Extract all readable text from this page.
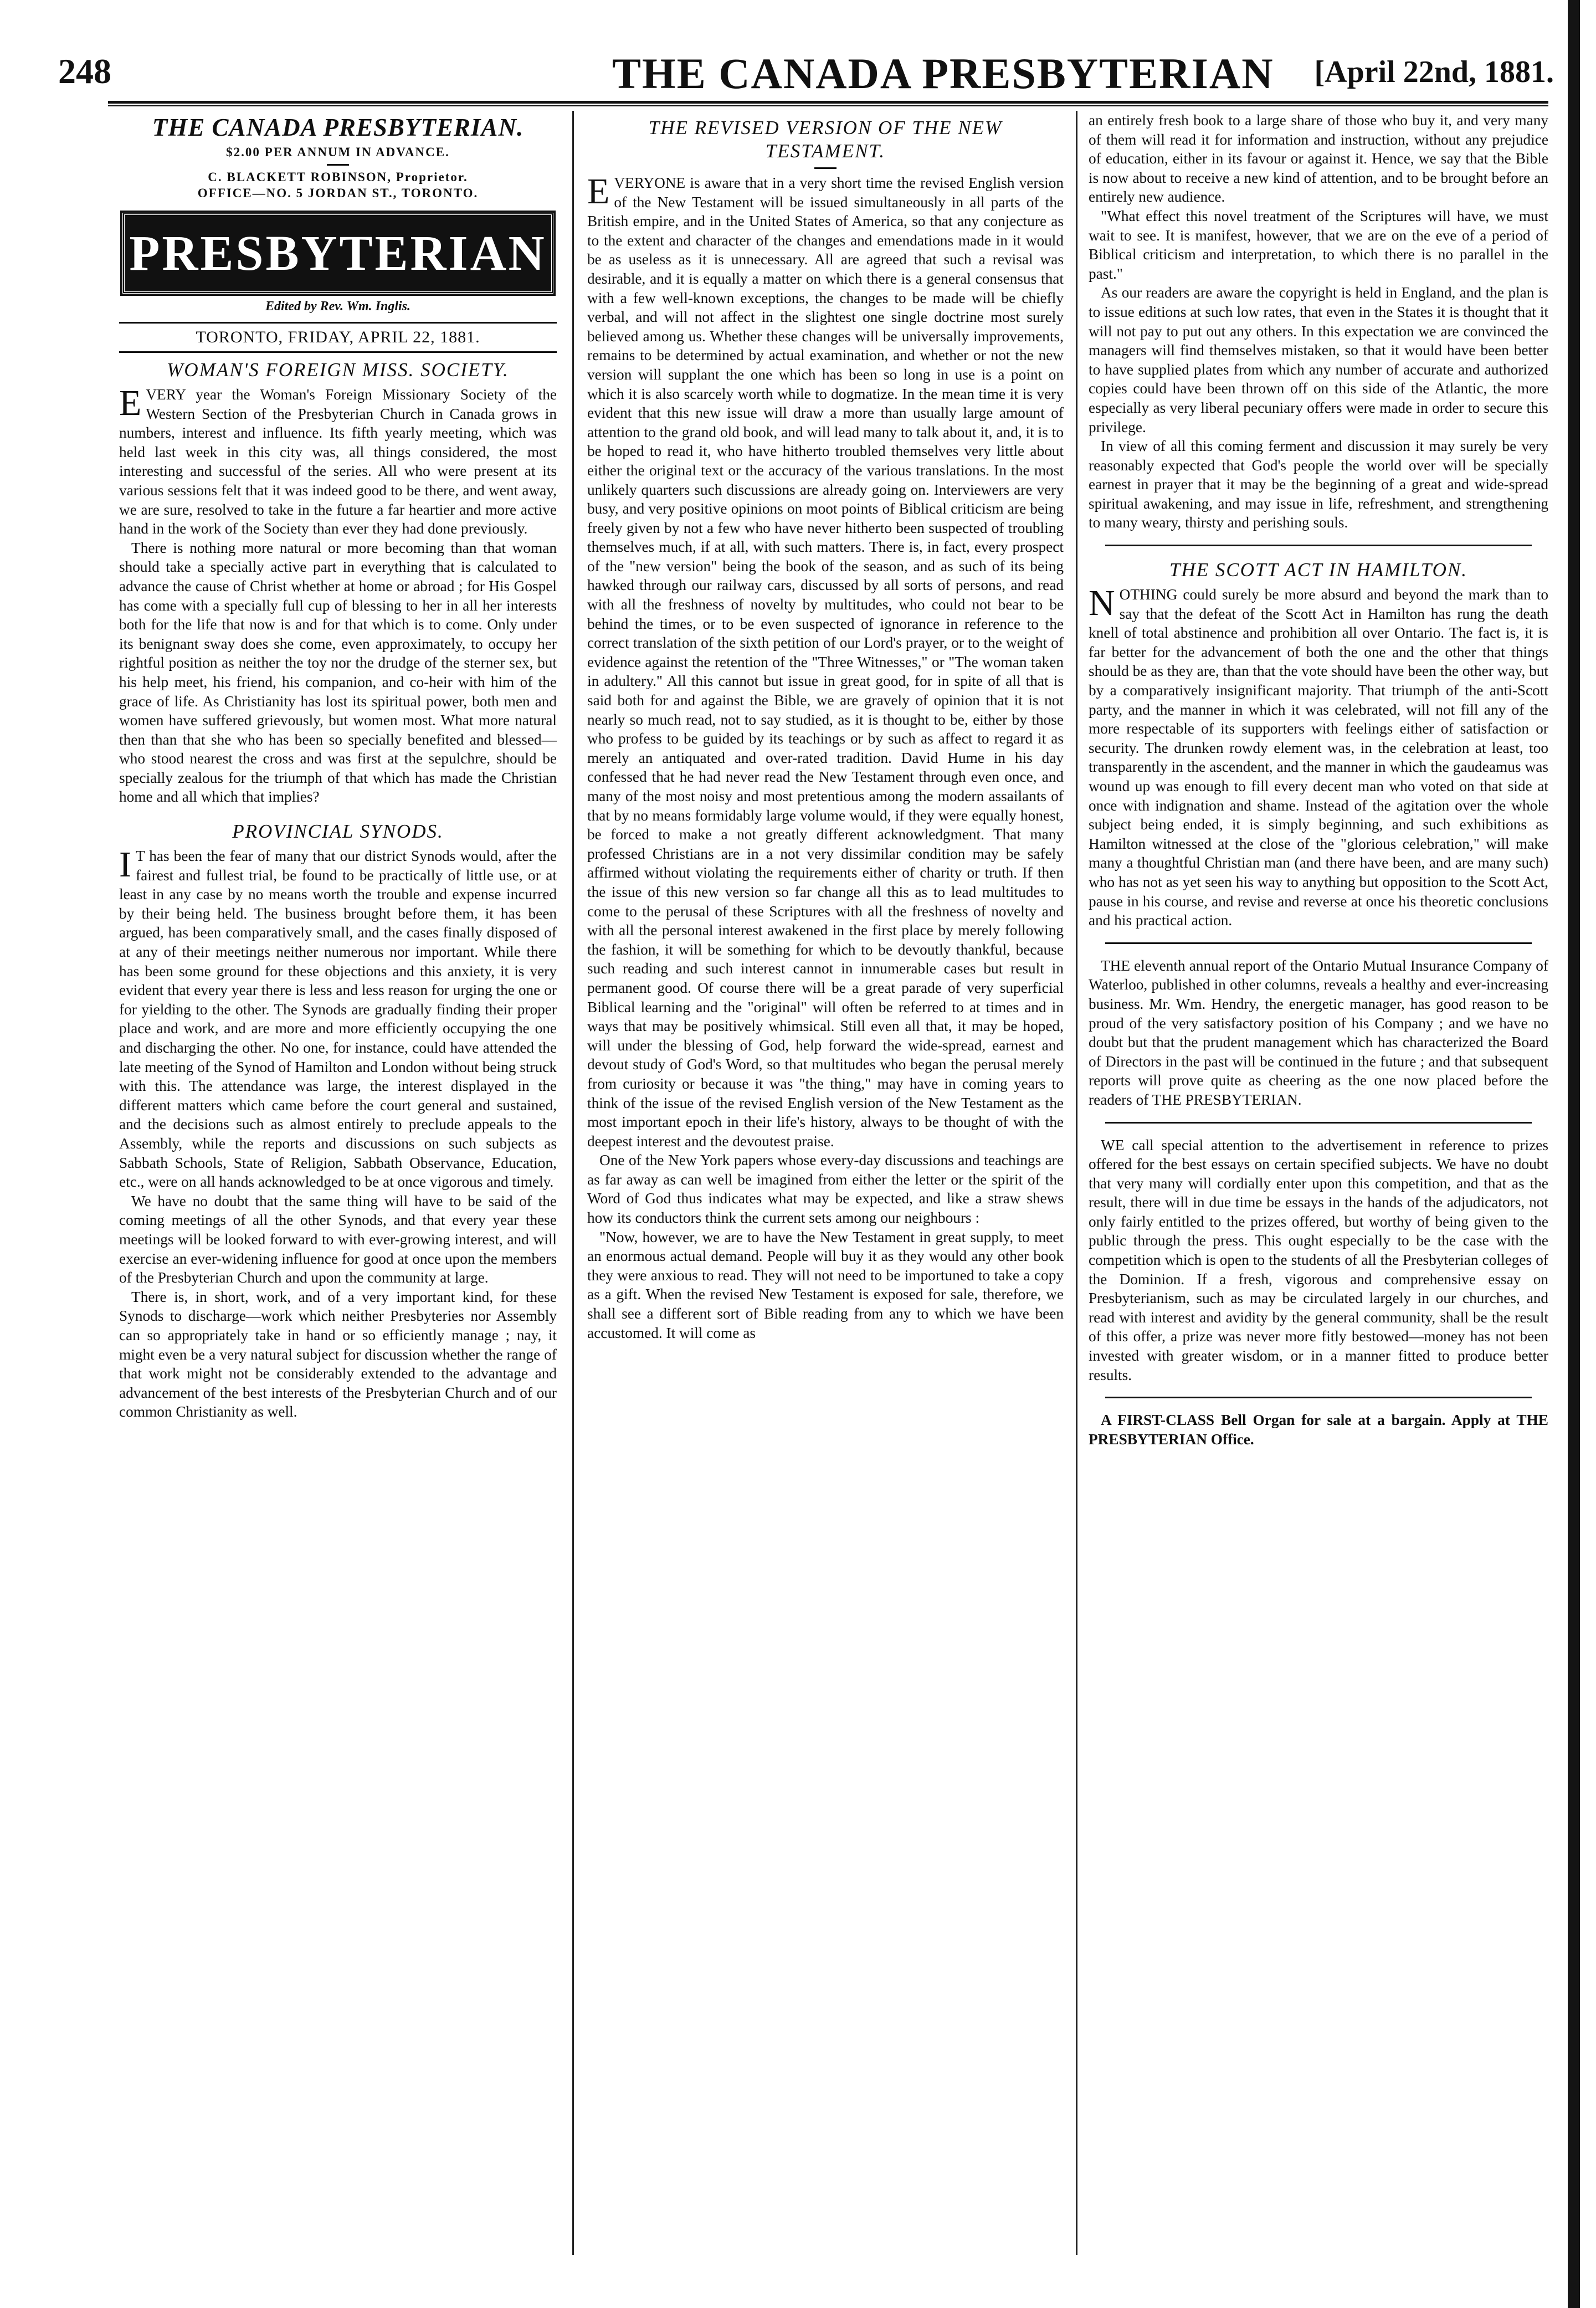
248	THE CANADA PRESBYTERIAN [April 22nd, 1881.
THE CANADA PRESBYTERIAN.
$2.00 PER ANNUM IN ADVANCE.
C. BLACKETT ROBINSON, Proprietor.
OFFICE—NO. 5 JORDAN ST., TORONTO.
PRESBYTERIAN
Edited by Rev. Wm. Inglis.
TORONTO, FRIDAY, APRIL 22, 1881.
WOMAN'S FOREIGN MISS. SOCIETY.

EVERY year the Woman's Foreign Missionary Society of the Western Section of the Presbyterian Church in Canada grows in numbers, interest and influence. Its fifth yearly meeting, which was held last week in this city was, all things considered, the most interesting and successful of the series. All who were present at its various sessions felt that it was indeed good to be there, and went away, we are sure, resolved to take in the future a far heartier and more active hand in the work of the Society than ever they had done previously.

There is nothing more natural or more becoming than that woman should take a specially active part in everything that is calculated to advance the cause of Christ whether at home or abroad ; for His Gospel has come with a specially full cup of blessing to her in all her interests both for the life that now is and for that which is to come. Only under its benignant sway does she come, even approximately, to occupy her rightful position as neither the toy nor the drudge of the sterner sex, but his help meet, his friend, his companion, and co-heir with him of the grace of life. As Christianity has lost its spiritual power, both men and women have suffered grievously, but women most. What more natural then than that she who has been so specially benefited and blessed—who stood nearest the cross and was first at the sepulchre, should be specially zealous for the triumph of that which has made the Christian home and all which that implies?

PROVINCIAL SYNODS.

IT has been the fear of many that our district Synods would, after the fairest and fullest trial, be found to be practically of little use, or at least in any case by no means worth the trouble and expense incurred by their being held. The business brought before them, it has been argued, has been comparatively small, and the cases finally disposed of at any of their meetings neither numerous nor important. While there has been some ground for these objections and this anxiety, it is very evident that every year there is less and less reason for urging the one or for yielding to the other. The Synods are gradually finding their proper place and work, and are more and more efficiently occupying the one and discharging the other. No one, for instance, could have attended the late meeting of the Synod of Hamilton and London without being struck with this. The attendance was large, the interest displayed in the different matters which came before the court general and sustained, and the decisions such as almost entirely to preclude appeals to the Assembly, while the reports and discussions on such subjects as Sabbath Schools, State of Religion, Sabbath Observance, Education, etc., were on all hands acknowledged to be at once vigorous and timely.

We have no doubt that the same thing will have to be said of the coming meetings of all the other Synods, and that every year these meetings will be looked forward to with ever-growing interest, and will exercise an ever-widening influence for good at once upon the members of the Presbyterian Church and upon the community at large.

There is, in short, work, and of a very important kind, for these Synods to discharge—work which neither Presbyteries nor Assembly can so appropriately take in hand or so efficiently manage ; nay, it might even be a very natural subject for discussion whether the range of that work might not be considerably extended to the advantage and advancement of the best interests of the Presbyterian Church and of our common Christianity as well.

THE REVISED VERSION OF THE NEW TESTAMENT.

EVERYONE is aware that in a very short time the revised English version of the New Testament will be issued simultaneously in all parts of the British empire, and in the United States of America, so that any conjecture as to the extent and character of the changes and emendations made in it would be as useless as it is unnecessary. All are agreed that such a revisal was desirable, and it is equally a matter on which there is a general consensus that with a few well-known exceptions, the changes to be made will be chiefly verbal, and will not affect in the slightest one single doctrine most surely believed among us. Whether these changes will be universally improvements, remains to be determined by actual examination, and whether or not the new version will supplant the one which has been so long in use is a point on which it is also scarcely worth while to dogmatize. In the mean time it is very evident that this new issue will draw a more than usually large amount of attention to the grand old book, and will lead many to talk about it, and, it is to be hoped to read it, who have hitherto troubled themselves very little about either the original text or the accuracy of the various translations. In the most unlikely quarters such discussions are already going on. Interviewers are very busy, and very positive opinions on moot points of Biblical criticism are being freely given by not a few who have never hitherto been suspected of troubling themselves much, if at all, with such matters. There is, in fact, every prospect of the "new version" being the book of the season, and as such of its being hawked through our railway cars, discussed by all sorts of persons, and read with all the freshness of novelty by multitudes, who could not bear to be behind the times, or to be even suspected of ignorance in reference to the correct translation of the sixth petition of our Lord's prayer, or to the weight of evidence against the retention of the "Three Witnesses," or "The woman taken in adultery." All this cannot but issue in great good, for in spite of all that is said both for and against the Bible, we are gravely of opinion that it is not nearly so much read, not to say studied, as it is thought to be, either by those who profess to be guided by its teachings or by such as affect to regard it as merely an antiquated and over-rated tradition. David Hume in his day confessed that he had never read the New Testament through even once, and many of the most noisy and most pretentious among the modern assailants of that by no means formidably large volume would, if they were equally honest, be forced to make a not greatly different acknowledgment. That many professed Christians are in a not very dissimilar condition may be safely affirmed without violating the requirements either of charity or truth. If then the issue of this new version so far change all this as to lead multitudes to come to the perusal of these Scriptures with all the freshness of novelty and with all the personal interest awakened in the first place by merely following the fashion, it will be something for which to be devoutly thankful, because such reading and such interest cannot in innumerable cases but result in permanent good. Of course there will be a great parade of very superficial Biblical learning and the "original" will often be referred to at times and in ways that may be positively whimsical. Still even all that, it may be hoped, will under the blessing of God, help forward the wide-spread, earnest and devout study of God's Word, so that multitudes who began the perusal merely from curiosity or because it was "the thing," may have in coming years to think of the issue of the revised English version of the New Testament as the most important epoch in their life's history, always to be thought of with the deepest interest and the devoutest praise.

One of the New York papers whose every-day discussions and teachings are as far away as can well be imagined from either the letter or the spirit of the Word of God thus indicates what may be expected, and like a straw shews how its conductors think the current sets among our neighbours :

"Now, however, we are to have the New Testament in great supply, to meet an enormous actual demand. People will buy it as they would any other book they were anxious to read. They will not need to be importuned to take a copy as a gift. When the revised New Testament is exposed for sale, therefore, we shall see a different sort of Bible reading from any to which we have been accustomed. It will come as

an entirely fresh book to a large share of those who buy it, and very many of them will read it for information and instruction, without any prejudice of education, either in its favour or against it. Hence, we say that the Bible is now about to receive a new kind of attention, and to be brought before an entirely new audience.

"What effect this novel treatment of the Scriptures will have, we must wait to see. It is manifest, however, that we are on the eve of a period of Biblical criticism and interpretation, to which there is no parallel in the past."

As our readers are aware the copyright is held in England, and the plan is to issue editions at such low rates, that even in the States it is thought that it will not pay to put out any others. In this expectation we are convinced the managers will find themselves mistaken, so that it would have been better to have supplied plates from which any number of accurate and authorized copies could have been thrown off on this side of the Atlantic, the more especially as very liberal pecuniary offers were made in order to secure this privilege.

In view of all this coming ferment and discussion it may surely be very reasonably expected that God's people the world over will be specially earnest in prayer that it may be the beginning of a great and wide-spread spiritual awakening, and may issue in life, refreshment, and strengthening to many weary, thirsty and perishing souls.

THE SCOTT ACT IN HAMILTON.

NOTHING could surely be more absurd and beyond the mark than to say that the defeat of the Scott Act in Hamilton has rung the death knell of total abstinence and prohibition all over Ontario. The fact is, it is far better for the advancement of both the one and the other that things should be as they are, than that the vote should have been the other way, but by a comparatively insignificant majority. That triumph of the anti-Scott party, and the manner in which it was celebrated, will not fill any of the more respectable of its supporters with feelings either of satisfaction or security. The drunken rowdy element was, in the celebration at least, too transparently in the ascendent, and the manner in which the gaudeamus was wound up was enough to fill every decent man who voted on that side at once with indignation and shame. Instead of the agitation over the whole subject being ended, it is simply beginning, and such exhibitions as Hamilton witnessed at the close of the "glorious celebration," will make many a thoughtful Christian man (and there have been, and are many such) who has not as yet seen his way to anything but opposition to the Scott Act, pause in his course, and revise and reverse at once his theoretic conclusions and his practical action.

THE eleventh annual report of the Ontario Mutual Insurance Company of Waterloo, published in other columns, reveals a healthy and ever-increasing business. Mr. Wm. Hendry, the energetic manager, has good reason to be proud of the very satisfactory position of his Company ; and we have no doubt but that the prudent management which has characterized the Board of Directors in the past will be continued in the future ; and that subsequent reports will prove quite as cheering as the one now placed before the readers of THE PRESBYTERIAN.

WE call special attention to the advertisement in reference to prizes offered for the best essays on certain specified subjects. We have no doubt that very many will cordially enter upon this competition, and that as the result, there will in due time be essays in the hands of the adjudicators, not only fairly entitled to the prizes offered, but worthy of being given to the public through the press. This ought especially to be the case with the competition which is open to the students of all the Presbyterian colleges of the Dominion. If a fresh, vigorous and comprehensive essay on Presbyterianism, such as may be circulated largely in our churches, and read with interest and avidity by the general community, shall be the result of this offer, a prize was never more fitly bestowed—money has not been invested with greater wisdom, or in a manner fitted to produce better results.

A FIRST-CLASS Bell Organ for sale at a bargain. Apply at THE PRESBYTERIAN Office.
